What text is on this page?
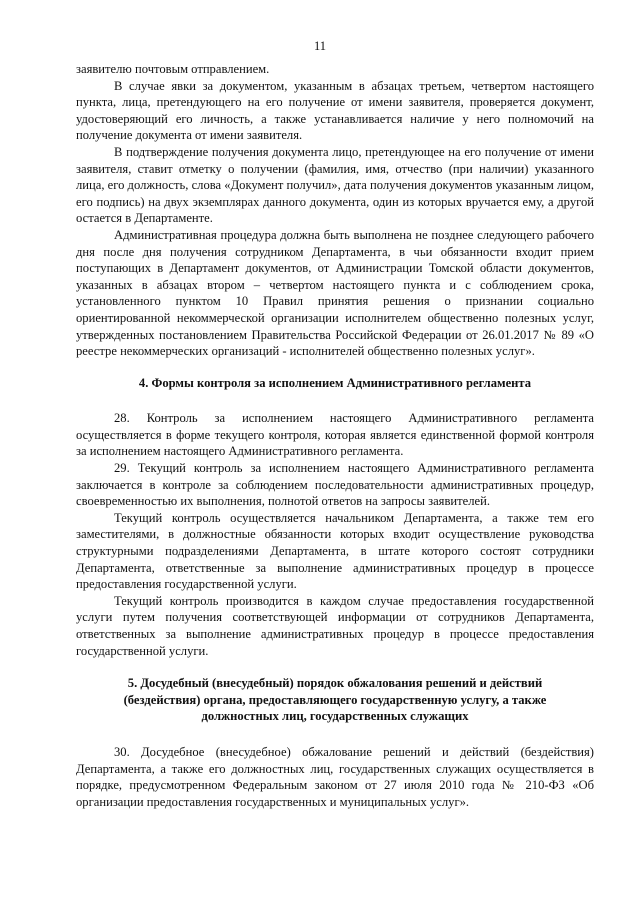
11

заявителю почтовым отправлением.

В случае явки за документом, указанным в абзацах третьем, четвертом настоящего пункта, лица, претендующего на его получение от имени заявителя, проверяется документ, удостоверяющий его личность, а также устанавливается наличие у него полномочий на получение документа от имени заявителя.

В подтверждение получения документа лицо, претендующее на его получение от имени заявителя, ставит отметку о получении (фамилия, имя, отчество (при наличии) указанного лица, его должность, слова «Документ получил», дата получения документов указанным лицом, его подпись) на двух экземплярах данного документа, один из которых вручается ему, а другой остается в Департаменте.

Административная процедура должна быть выполнена не позднее следующего рабочего дня после дня получения сотрудником Департамента, в чьи обязанности входит прием поступающих в Департамент документов, от Администрации Томской области документов, указанных в абзацах втором – четвертом настоящего пункта и с соблюдением срока, установленного пунктом 10 Правил принятия решения о признании социально ориентированной некоммерческой организации исполнителем общественно полезных услуг, утвержденных постановлением Правительства Российской Федерации от 26.01.2017 № 89 «О реестре некоммерческих организаций - исполнителей общественно полезных услуг».

4. Формы контроля за исполнением Административного регламента

28. Контроль за исполнением настоящего Административного регламента осуществляется в форме текущего контроля, которая является единственной формой контроля за исполнением настоящего Административного регламента.

29. Текущий контроль за исполнением настоящего Административного регламента заключается в контроле за соблюдением последовательности административных процедур, своевременностью их выполнения, полнотой ответов на запросы заявителей.

Текущий контроль осуществляется начальником Департамента, а также тем его заместителями, в должностные обязанности которых входит осуществление руководства структурными подразделениями Департамента, в штате которого состоят сотрудники Департамента, ответственные за выполнение административных процедур в процессе предоставления государственной услуги.

Текущий контроль производится в каждом случае предоставления государственной услуги путем получения соответствующей информации от сотрудников Департамента, ответственных за выполнение административных процедур в процессе предоставления государственной услуги.

5. Досудебный (внесудебный) порядок обжалования решений и действий
(бездействия) органа, предоставляющего государственную услугу, а также
должностных лиц, государственных служащих

30. Досудебное (внесудебное) обжалование решений и действий (бездействия) Департамента, а также его должностных лиц, государственных служащих осуществляется в порядке, предусмотренном Федеральным законом от 27 июля 2010 года № 210-ФЗ «Об организации предоставления государственных и муниципальных услуг».
